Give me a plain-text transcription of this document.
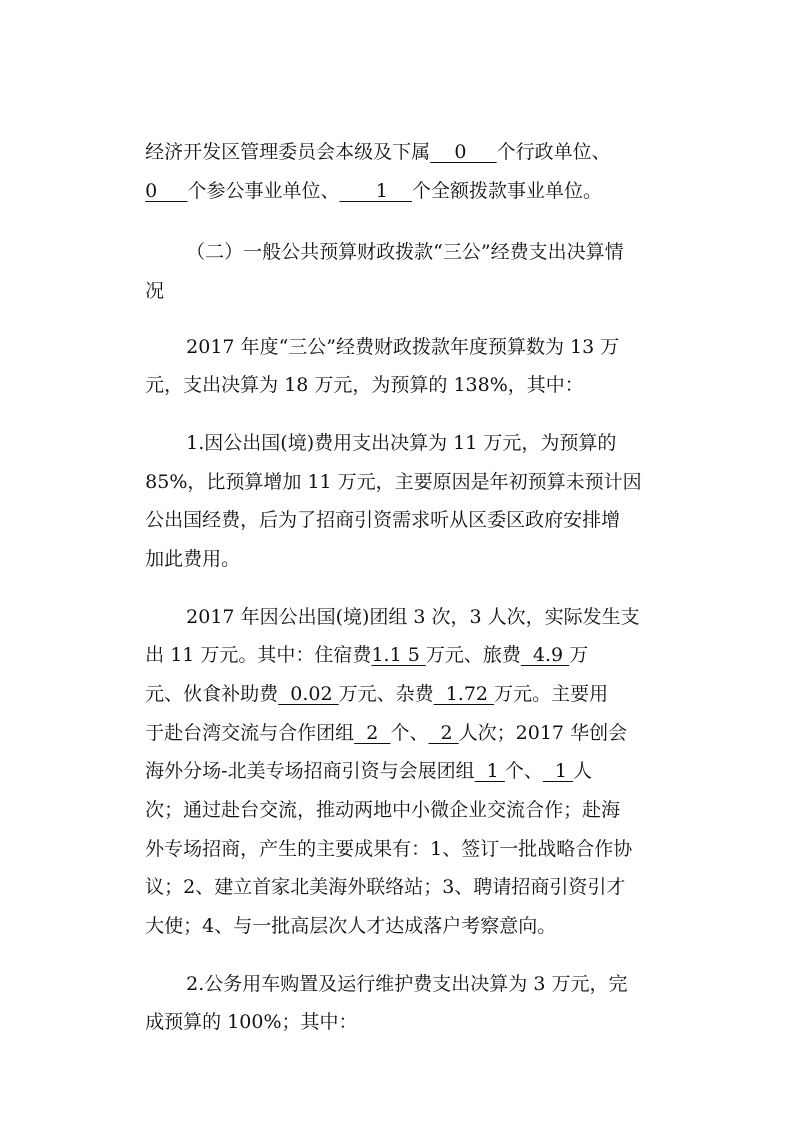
经济开发区管理委员会本级及下属    0     个行政单位、

0     个参公事业单位、      1    个全额拨款事业单位。

（二）一般公共预算财政拨款“三公”经费支出决算情

况

2017 年度“三公”经费财政拨款年度预算数为 13 万

元，支出决算为 18 万元，为预算的 138%，其中：

1.因公出国(境)费用支出决算为 11 万元，为预算的

85%，比预算增加 11 万元，主要原因是年初预算未预计因

公出国经费，后为了招商引资需求听从区委区政府安排增

加此费用。

2017 年因公出国(境)团组 3 次，3 人次，实际发生支

出 11 万元。其中：住宿费1.1 5 万元、旅费  4.9 万

元、伙食补助费  0.02 万元、杂费  1.72 万元。主要用

于赴台湾交流与合作团组  2  个、  2 人次；2017 华创会

海外分场-北美专场招商引资与会展团组  1 个、  1 人

次；通过赴台交流，推动两地中小微企业交流合作；赴海

外专场招商，产生的主要成果有：1、签订一批战略合作协

议；2、建立首家北美海外联络站；3、聘请招商引资引才

大使；4、与一批高层次人才达成落户考察意向。

2.公务用车购置及运行维护费支出决算为 3 万元，完

成预算的 100%；其中：
